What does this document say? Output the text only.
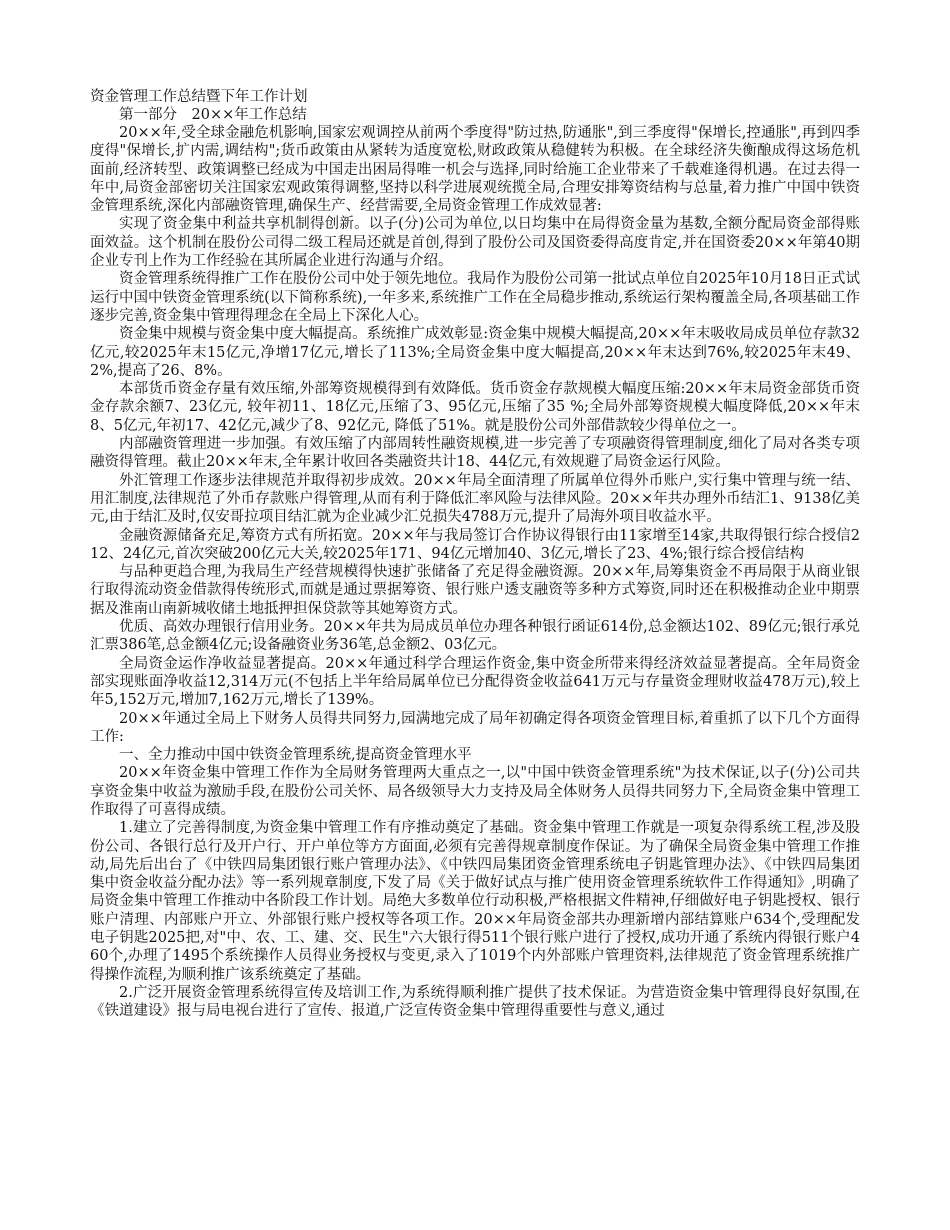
资金管理工作总结暨下年工作计划

第一部分　20××年工作总结

20××年,受全球金融危机影响,国家宏观调控从前两个季度得"防过热,防通胀",到三季度得"保增长,控通胀",再到四季度得"保增长,扩内需,调结构";货币政策由从紧转为适度宽松,财政政策从稳健转为积极。在全球经济失衡酿成得这场危机面前,经济转型、政策调整已经成为中国走出困局得唯一机会与选择,同时给施工企业带来了千载难逢得机遇。在过去得一年中,局资金部密切关注国家宏观政策得调整,坚持以科学进展观统揽全局,合理安排筹资结构与总量,着力推广中国中铁资金管理系统,深化内部融资管理,确保生产、经营需要,全局资金管理工作成效显著:

实现了资金集中利益共享机制得创新。以子(分)公司为单位,以日均集中在局得资金量为基数,全额分配局资金部得账面效益。这个机制在股份公司得二级工程局还就是首创,得到了股份公司及国资委得高度肯定,并在国资委20××年第40期企业专刊上作为工作经验在其所属企业进行沟通与介绍。

资金管理系统得推广工作在股份公司中处于领先地位。我局作为股份公司第一批试点单位自2025年10月18日正式试运行中国中铁资金管理系统(以下简称系统),一年多来,系统推广工作在全局稳步推动,系统运行架构覆盖全局,各项基础工作逐步完善,资金集中管理得理念在全局上下深化人心。

资金集中规模与资金集中度大幅提高。系统推广成效彰显:资金集中规模大幅提高,20××年末吸收局成员单位存款32亿元,较2025年末15亿元,净增17亿元,增长了113%;全局资金集中度大幅提高,20××年末达到76%,较2025年末49、2%,提高了26、8%。

本部货币资金存量有效压缩,外部筹资规模得到有效降低。货币资金存款规模大幅度压缩:20××年末局资金部货币资金存款余额7、23亿元, 较年初11、18亿元,压缩了3、95亿元,压缩了35 %;全局外部筹资规模大幅度降低,20××年末8、5亿元,年初17、42亿元,减少了8、92亿元, 降低了51%。就是股份公司外部借款较少得单位之一。

内部融资管理进一步加强。有效压缩了内部周转性融资规模,进一步完善了专项融资得管理制度,细化了局对各类专项融资得管理。截止20××年末,全年累计收回各类融资共计18、44亿元,有效规避了局资金运行风险。

外汇管理工作逐步法律规范并取得初步成效。20××年局全面清理了所属单位得外币账户,实行集中管理与统一结、用汇制度,法律规范了外币存款账户得管理,从而有利于降低汇率风险与法律风险。20××年共办理外币结汇1、9138亿美元,由于结汇及时,仅安哥拉项目结汇就为企业减少汇兑损失4788万元,提升了局海外项目收益水平。

金融资源储备充足,筹资方式有所拓宽。20××年与我局签订合作协议得银行由11家增至14家,共取得银行综合授信212、24亿元,首次突破200亿元大关,较2025年171、94亿元增加40、3亿元,增长了23、4%;银行综合授信结构

与品种更趋合理,为我局生产经营规模得快速扩张储备了充足得金融资源。20××年,局筹集资金不再局限于从商业银行取得流动资金借款得传统形式,而就是通过票据筹资、银行账户透支融资等多种方式筹资,同时还在积极推动企业中期票据及淮南山南新城收储土地抵押担保贷款等其她筹资方式。

优质、高效办理银行信用业务。20××年共为局成员单位办理各种银行函证614份,总金额达102、89亿元;银行承兑汇票386笔,总金额4亿元;设备融资业务36笔,总金额2、03亿元。

全局资金运作净收益显著提高。20××年通过科学合理运作资金,集中资金所带来得经济效益显著提高。全年局资金部实现账面净收益12,314万元(不包括上半年给局属单位已分配得资金收益641万元与存量资金理财收益478万元),较上年5,152万元,增加7,162万元,增长了139%。

20××年通过全局上下财务人员得共同努力,园满地完成了局年初确定得各项资金管理目标,着重抓了以下几个方面得工作:

一、全力推动中国中铁资金管理系统,提高资金管理水平

20××年资金集中管理工作作为全局财务管理两大重点之一,以"中国中铁资金管理系统"为技术保证,以子(分)公司共享资金集中收益为激励手段,在股份公司关怀、局各级领导大力支持及局全体财务人员得共同努力下,全局资金集中管理工作取得了可喜得成绩。

1.建立了完善得制度,为资金集中管理工作有序推动奠定了基础。资金集中管理工作就是一项复杂得系统工程,涉及股份公司、各银行总行及开户行、开户单位等方方面面,必须有完善得规章制度作保证。为了确保全局资金集中管理工作推动,局先后出台了《中铁四局集团银行账户管理办法》、《中铁四局集团资金管理系统电子钥匙管理办法》、《中铁四局集团集中资金收益分配办法》等一系列规章制度,下发了局《关于做好试点与推广使用资金管理系统软件工作得通知》,明确了局资金集中管理工作推动中各阶段工作计划。局绝大多数单位行动积极,严格根据文件精神,仔细做好电子钥匙授权、银行账户清理、内部账户开立、外部银行账户授权等各项工作。20××年局资金部共办理新增内部结算账户634个,受理配发电子钥匙2025把,对"中、农、工、建、交、民生"六大银行得511个银行账户进行了授权,成功开通了系统内得银行账户460个,办理了1495个系统操作人员得业务授权与变更,录入了1019个内外部账户管理资料,法律规范了资金管理系统推广得操作流程,为顺利推广该系统奠定了基础。

2.广泛开展资金管理系统得宣传及培训工作,为系统得顺利推广提供了技术保证。为营造资金集中管理得良好氛围,在《铁道建设》报与局电视台进行了宣传、报道,广泛宣传资金集中管理得重要性与意义,通过
